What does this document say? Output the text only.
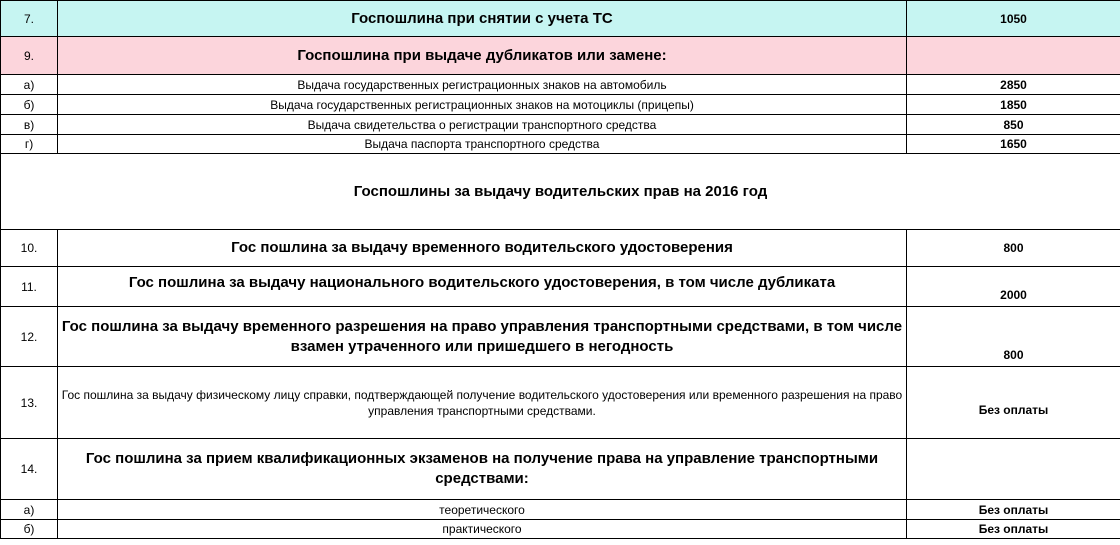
7.	Госпошлина при снятии с учета ТС	1050
9.	Госпошлина при выдаче дубликатов или замене:	
а)	Выдача государственных регистрационных знаков на автомобиль	2850
б)	Выдача государственных регистрационных знаков на мотоциклы (прицепы)	1850
в)	Выдача свидетельства о регистрации транспортного средства	850
г)	Выдача паспорта транспортного средства	1650
Госпошлины за выдачу водительских прав на 2016 год		
10.	Гос пошлина за выдачу временного водительского удостоверения	800
11.	Гос пошлина за выдачу национального водительского удостоверения, в том числе дубликата	2000
12.	Гос пошлина за выдачу временного разрешения на право управления транспортными средствами, в том числе взамен утраченного или пришедшего в негодность	800
13.	Гос пошлина за выдачу физическому лицу справки, подтверждающей получение водительского удостоверения или временного разрешения на право управления транспортными средствами.	Без оплаты
14.	Гос пошлина за прием квалификационных экзаменов на получение права на управление транспортными средствами:	
а)	теоретического	Без оплаты
б)	практического	Без оплаты
